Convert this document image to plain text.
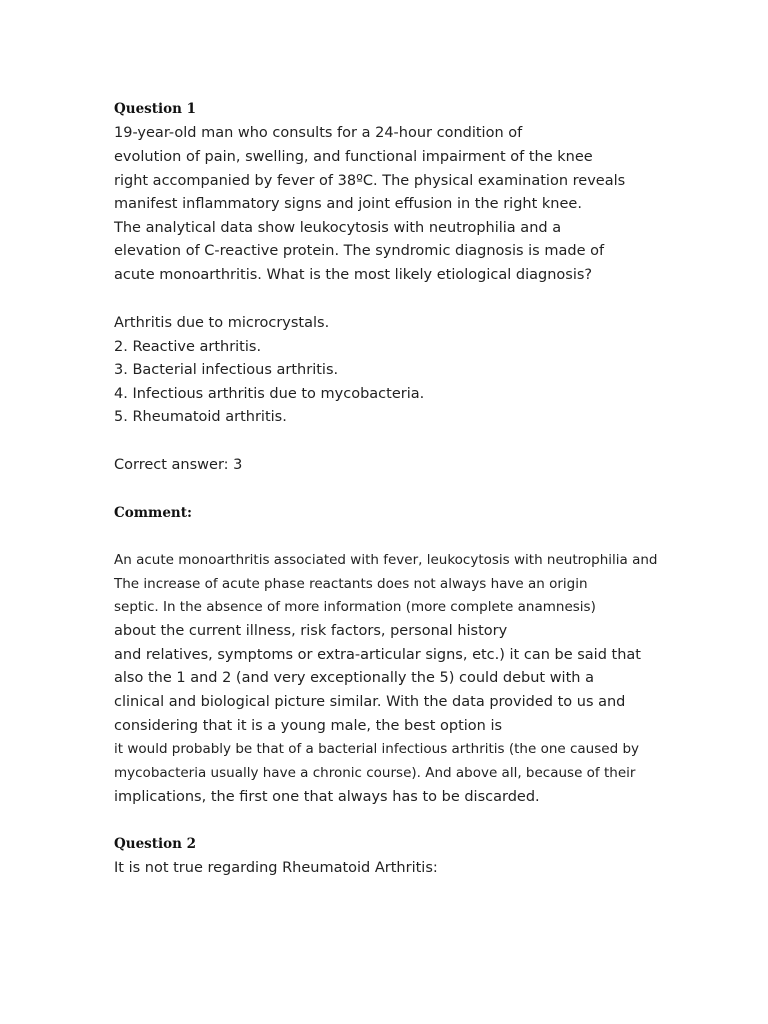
Question 1
19-year-old man who consults for a 24-hour condition of
evolution of pain, swelling, and functional impairment of the knee
right accompanied by fever of 38ºC. The physical examination reveals
manifest inflammatory signs and joint effusion in the right knee.
The analytical data show leukocytosis with neutrophilia and a
elevation of C-reactive protein. The syndromic diagnosis is made of
acute monoarthritis. What is the most likely etiological diagnosis?
Arthritis due to microcrystals.
2. Reactive arthritis.
3. Bacterial infectious arthritis.
4. Infectious arthritis due to mycobacteria.
5. Rheumatoid arthritis.
Correct answer: 3
Comment:
An acute monoarthritis associated with fever, leukocytosis with neutrophilia and
The increase of acute phase reactants does not always have an origin
septic. In the absence of more information (more complete anamnesis)
about the current illness, risk factors, personal history
and relatives, symptoms or extra-articular signs, etc.) it can be said that
also the 1 and 2 (and very exceptionally the 5) could debut with a
clinical and biological picture similar. With the data provided to us and
considering that it is a young male, the best option is
it would probably be that of a bacterial infectious arthritis (the one caused by
mycobacteria usually have a chronic course). And above all, because of their
implications, the first one that always has to be discarded.
Question 2
It is not true regarding Rheumatoid Arthritis:
